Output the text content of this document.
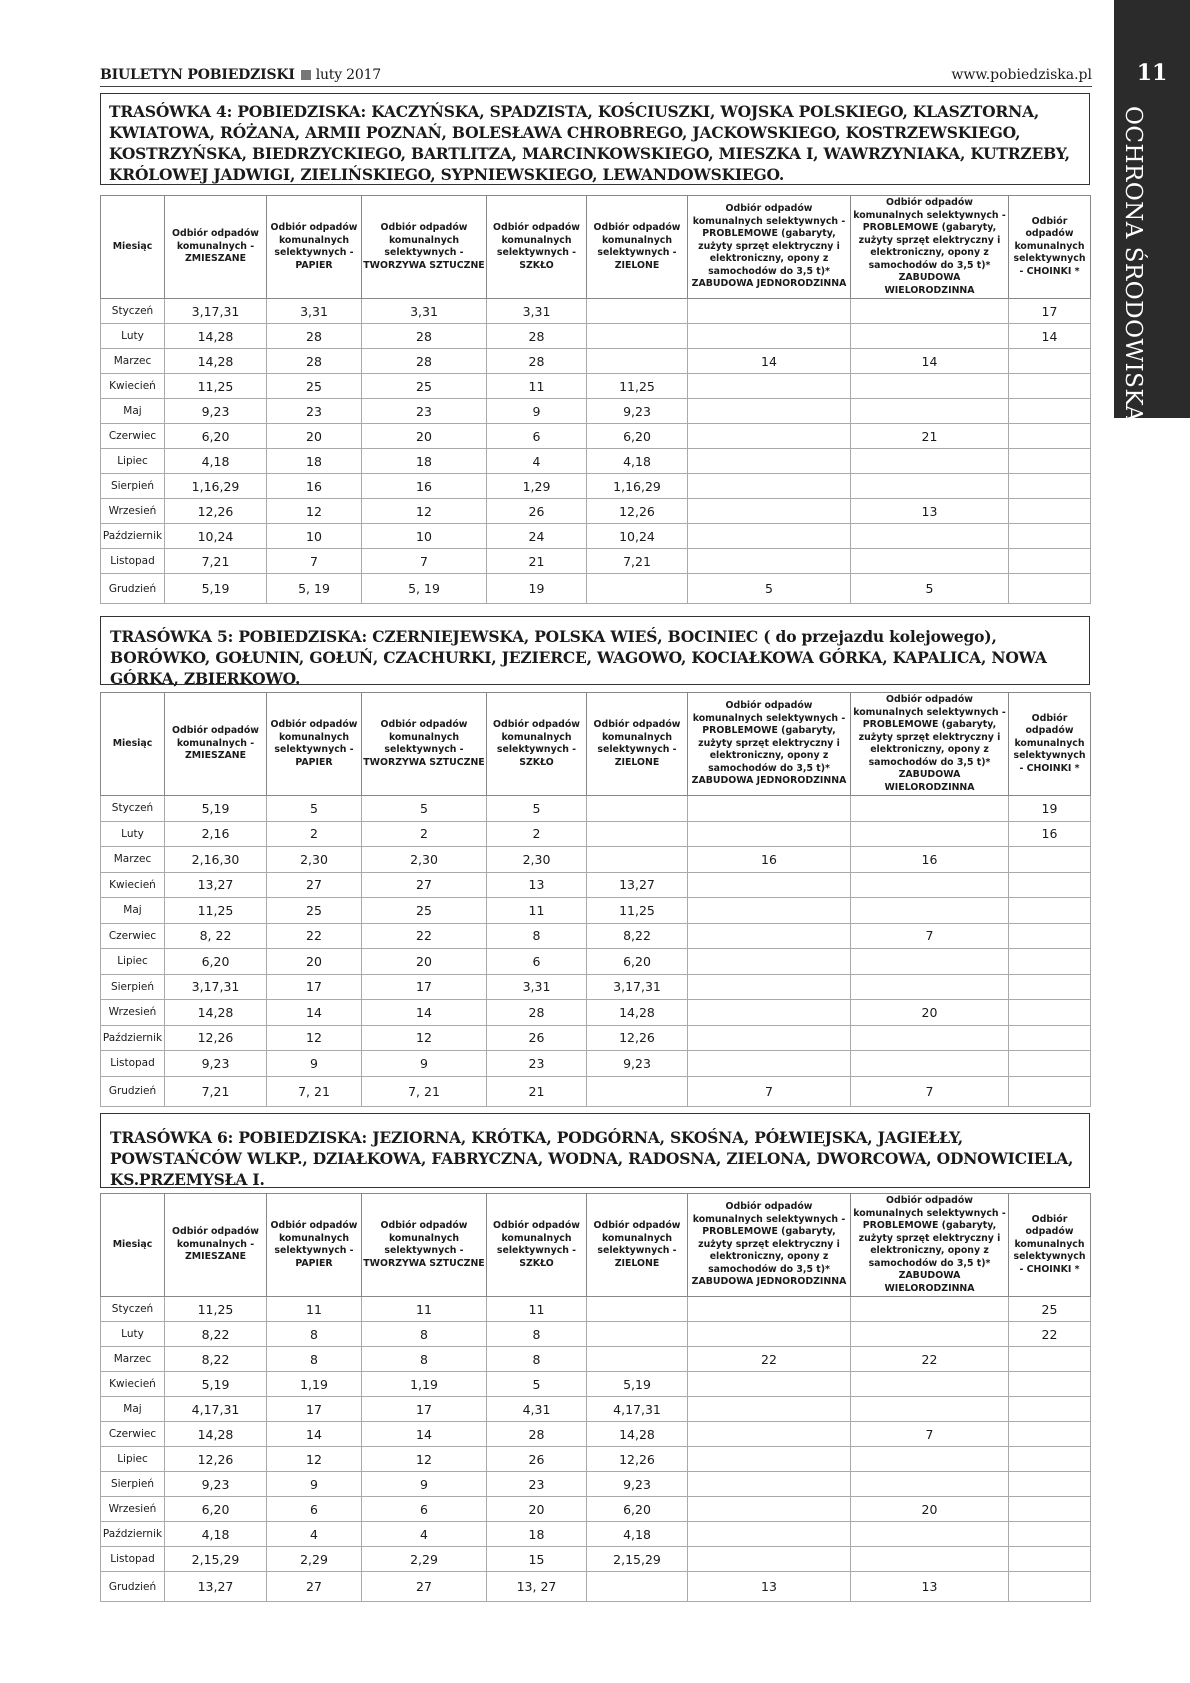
BIULETYN POBIEDZISKI luty 2017	www.pobiedziska.pl	11
OCHRONA ŚRODOWISKA
TRASÓWKA 4: POBIEDZISKA: KACZYŃSKA, SPADZISTA, KOŚCIUSZKI, WOJSKA POLSKIEGO, KLASZTORNA, KWIATOWA, RÓŻANA, ARMII POZNAŃ, BOLESŁAWA CHROBREGO, JACKOWSKIEGO, KOSTRZEWSKIEGO, KOSTRZYŃSKA, BIEDRZYCKIEGO, BARTLITZA, MARCINKOWSKIEGO, MIESZKA I, WAWRZYNIAKA, KUTRZEBY, KRÓLOWEJ JADWIGI, ZIELIŃSKIEGO, SYPNIEWSKIEGO, LEWANDOWSKIEGO.
Miesiąc	Odbiór odpadów komunalnych - ZMIESZANE	Odbiór odpadów komunalnych selektywnych - PAPIER	Odbiór odpadów komunalnych selektywnych - TWORZYWA SZTUCZNE	Odbiór odpadów komunalnych selektywnych - SZKŁO	Odbiór odpadów komunalnych selektywnych - ZIELONE	Odbiór odpadów komunalnych selektywnych - PROBLEMOWE (gabaryty, zużyty sprzęt elektryczny i elektroniczny, opony z samochodów do 3,5 t)* ZABUDOWA JEDNORODZINNA	Odbiór odpadów komunalnych selektywnych - PROBLEMOWE (gabaryty, zużyty sprzęt elektryczny i elektroniczny, opony z samochodów do 3,5 t)* ZABUDOWA WIELORODZINNA	Odbiór odpadów komunalnych selektywnych - CHOINKI *
Styczeń	3,17,31	3,31	3,31	3,31				17
Luty	14,28	28	28	28				14
Marzec	14,28	28	28	28		14	14	
Kwiecień	11,25	25	25	11	11,25			
Maj	9,23	23	23	9	9,23			
Czerwiec	6,20	20	20	6	6,20		21	
Lipiec	4,18	18	18	4	4,18			
Sierpień	1,16,29	16	16	1,29	1,16,29			
Wrzesień	12,26	12	12	26	12,26		13	
Październik	10,24	10	10	24	10,24			
Listopad	7,21	7	7	21	7,21			
Grudzień	5,19	5, 19	5, 19	19		5	5	
TRASÓWKA 5: POBIEDZISKA: CZERNIEJEWSKA, POLSKA WIEŚ, BOCINIEC ( do przejazdu kolejowego), BORÓWKO, GOŁUNIN, GOŁUŃ, CZACHURKI, JEZIERCE, WAGOWO, KOCIAŁKOWA GÓRKA, KAPALICA, NOWA GÓRKA, ZBIERKOWO.
Miesiąc	Odbiór odpadów komunalnych - ZMIESZANE	Odbiór odpadów komunalnych selektywnych - PAPIER	Odbiór odpadów komunalnych selektywnych - TWORZYWA SZTUCZNE	Odbiór odpadów komunalnych selektywnych - SZKŁO	Odbiór odpadów komunalnych selektywnych - ZIELONE	Odbiór odpadów komunalnych selektywnych - PROBLEMOWE (gabaryty, zużyty sprzęt elektryczny i elektroniczny, opony z samochodów do 3,5 t)* ZABUDOWA JEDNORODZINNA	Odbiór odpadów komunalnych selektywnych - PROBLEMOWE (gabaryty, zużyty sprzęt elektryczny i elektroniczny, opony z samochodów do 3,5 t)* ZABUDOWA WIELORODZINNA	Odbiór odpadów komunalnych selektywnych - CHOINKI *
Styczeń	5,19	5	5	5				19
Luty	2,16	2	2	2				16
Marzec	2,16,30	2,30	2,30	2,30		16	16	
Kwiecień	13,27	27	27	13	13,27			
Maj	11,25	25	25	11	11,25			
Czerwiec	8, 22	22	22	8	8,22		7	
Lipiec	6,20	20	20	6	6,20			
Sierpień	3,17,31	17	17	3,31	3,17,31			
Wrzesień	14,28	14	14	28	14,28		20	
Październik	12,26	12	12	26	12,26			
Listopad	9,23	9	9	23	9,23			
Grudzień	7,21	7, 21	7, 21	21		7	7	
TRASÓWKA 6: POBIEDZISKA: JEZIORNA, KRÓTKA, PODGÓRNA, SKOŚNA, PÓŁWIEJSKA, JAGIEŁŁY, POWSTAŃCÓW WLKP., DZIAŁKOWA, FABRYCZNA, WODNA, RADOSNA, ZIELONA, DWORCOWA, ODNOWICIELA, KS.PRZEMYSŁA I.
Miesiąc	Odbiór odpadów komunalnych - ZMIESZANE	Odbiór odpadów komunalnych selektywnych - PAPIER	Odbiór odpadów komunalnych selektywnych - TWORZYWA SZTUCZNE	Odbiór odpadów komunalnych selektywnych - SZKŁO	Odbiór odpadów komunalnych selektywnych - ZIELONE	Odbiór odpadów komunalnych selektywnych - PROBLEMOWE (gabaryty, zużyty sprzęt elektryczny i elektroniczny, opony z samochodów do 3,5 t)* ZABUDOWA JEDNORODZINNA	Odbiór odpadów komunalnych selektywnych - PROBLEMOWE (gabaryty, zużyty sprzęt elektryczny i elektroniczny, opony z samochodów do 3,5 t)* ZABUDOWA WIELORODZINNA	Odbiór odpadów komunalnych selektywnych - CHOINKI *
Styczeń	11,25	11	11	11				25
Luty	8,22	8	8	8				22
Marzec	8,22	8	8	8		22	22	
Kwiecień	5,19	1,19	1,19	5	5,19			
Maj	4,17,31	17	17	4,31	4,17,31			
Czerwiec	14,28	14	14	28	14,28		7	
Lipiec	12,26	12	12	26	12,26			
Sierpień	9,23	9	9	23	9,23			
Wrzesień	6,20	6	6	20	6,20		20	
Październik	4,18	4	4	18	4,18			
Listopad	2,15,29	2,29	2,29	15	2,15,29			
Grudzień	13,27	27	27	13, 27		13	13	
